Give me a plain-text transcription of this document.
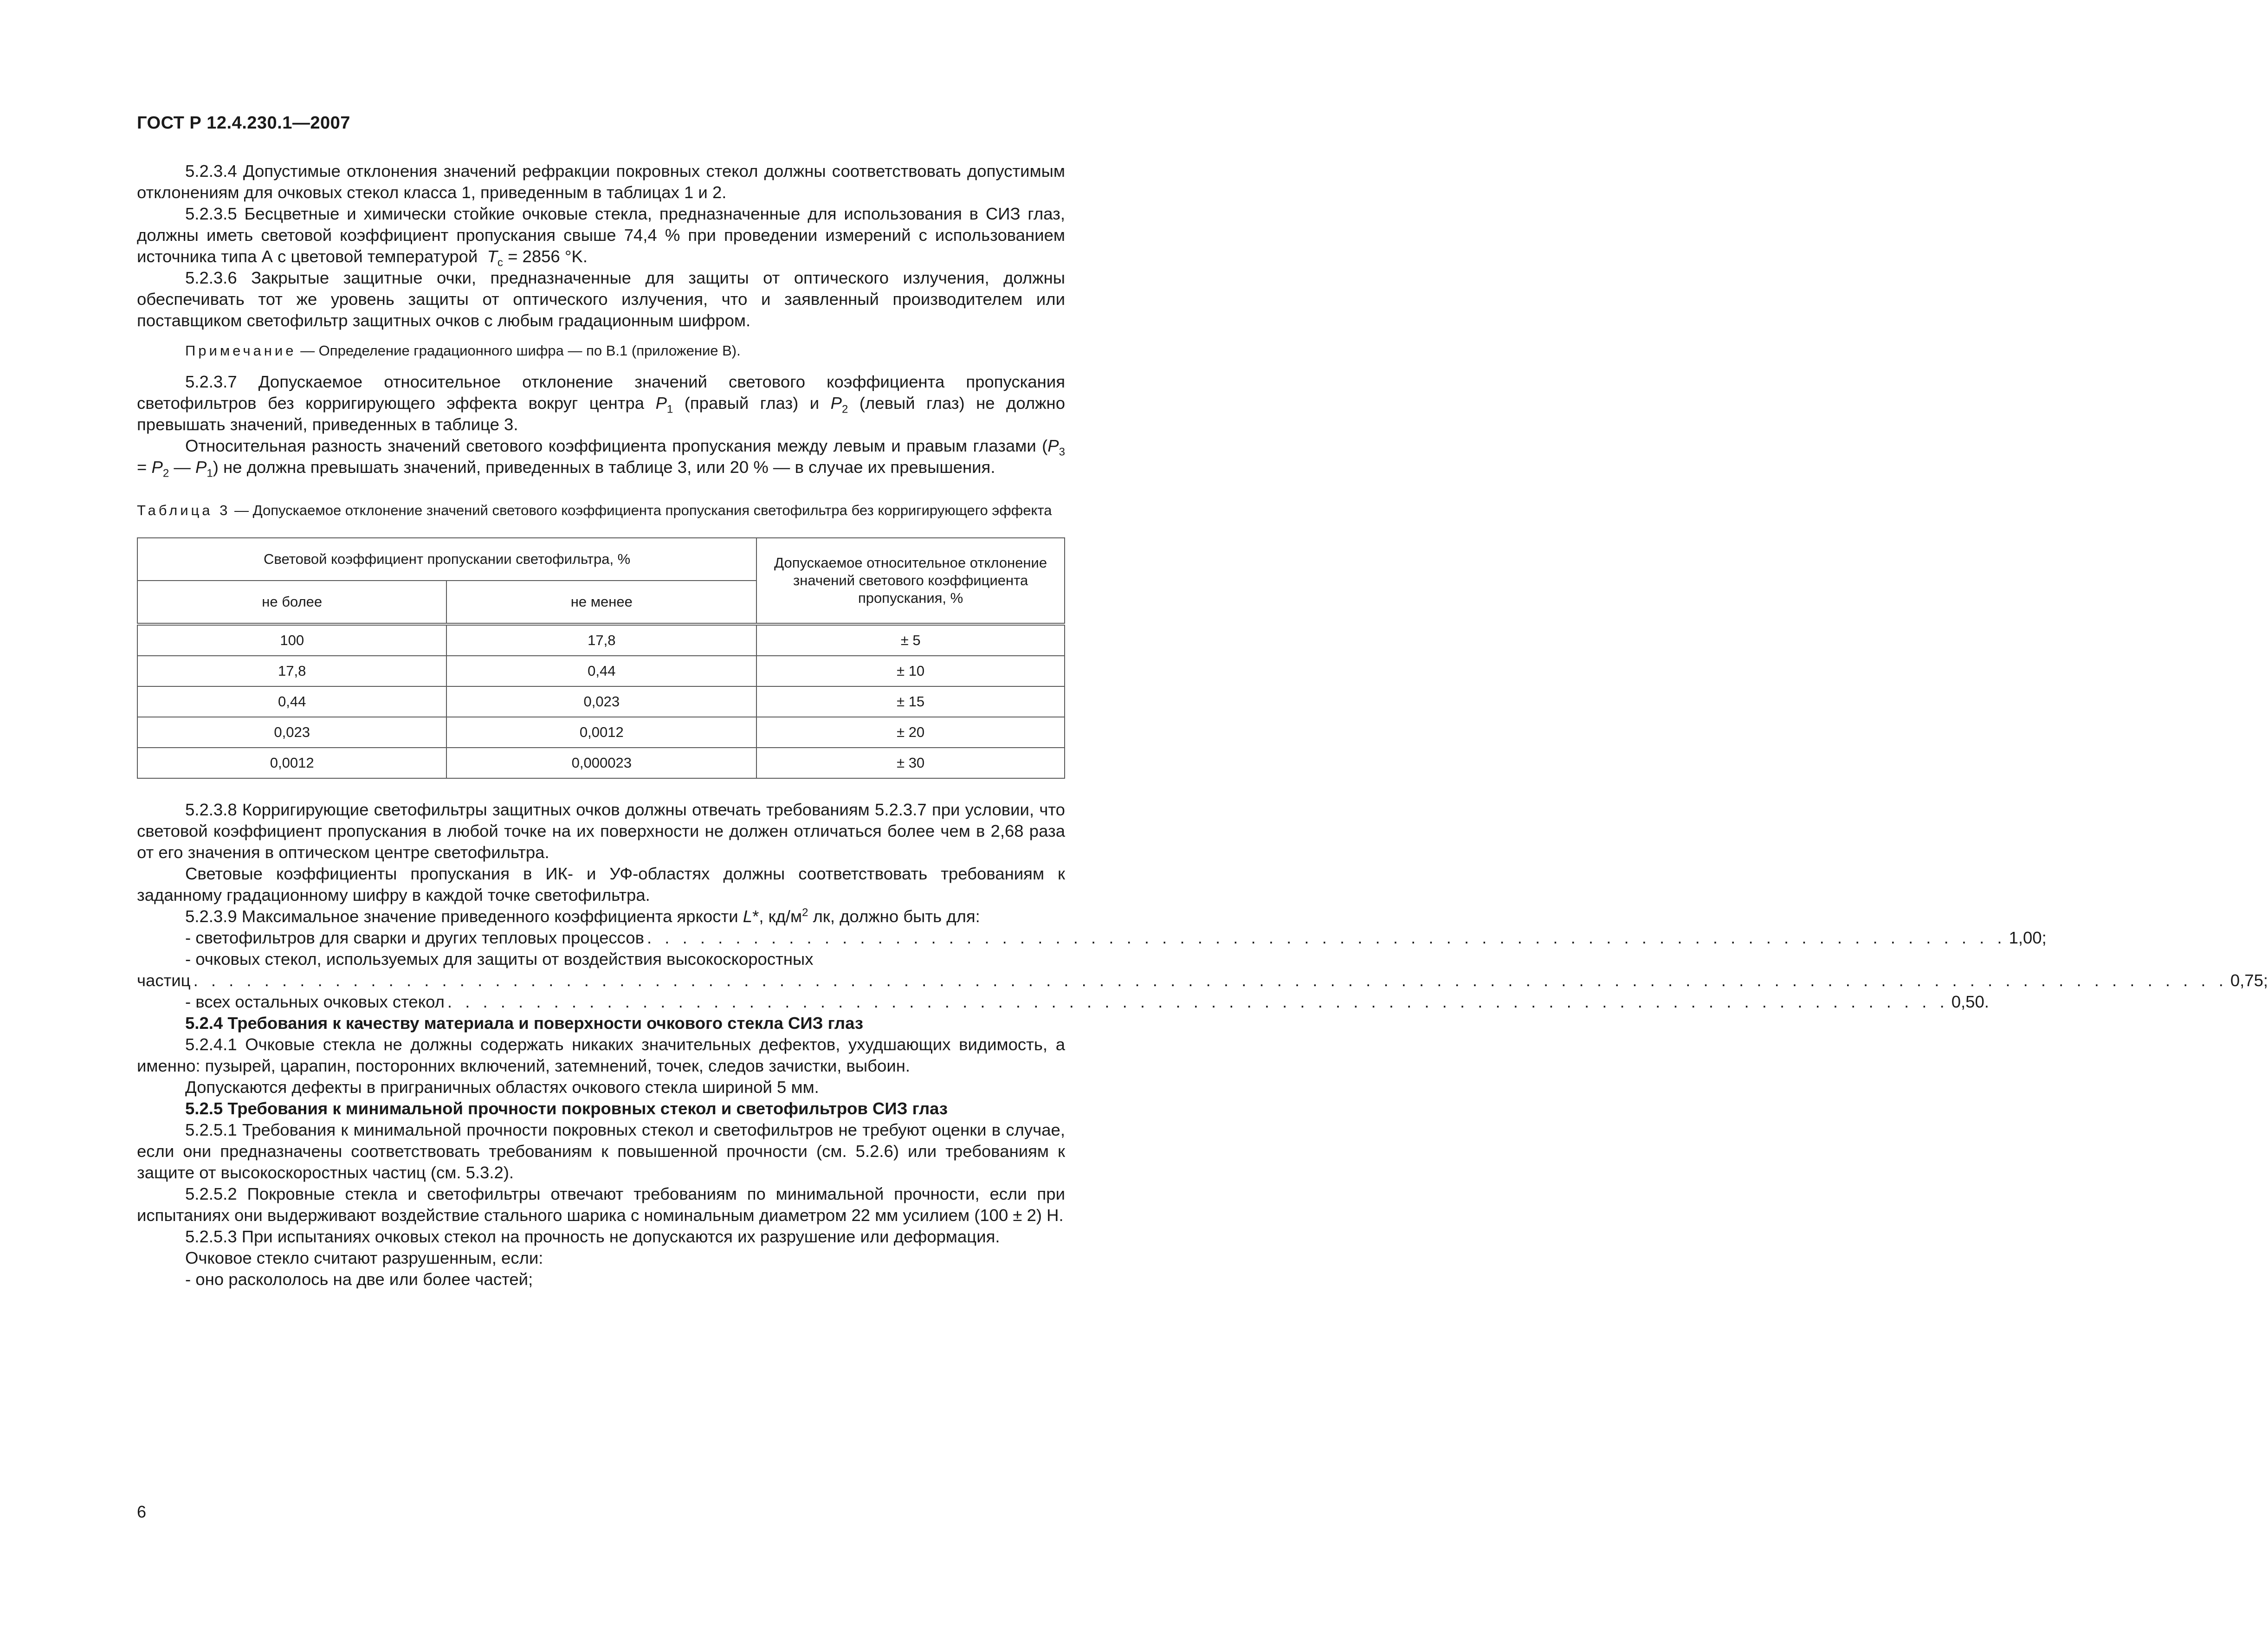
ГОСТ Р 12.4.230.1—2007

5.2.3.4 Допустимые отклонения значений рефракции покровных стекол должны соответствовать допустимым отклонениям для очковых стекол класса 1, приведенным в таблицах 1 и 2.

5.2.3.5 Бесцветные и химически стойкие очковые стекла, предназначенные для использования в СИЗ глаз, должны иметь световой коэффициент пропускания свыше 74,4 % при проведении измерений с использованием источника типа А с цветовой температурой $T_c = 2856$ °K.

5.2.3.6 Закрытые защитные очки, предназначенные для защиты от оптического излучения, должны обеспечивать тот же уровень защиты от оптического излучения, что и заявленный производителем или поставщиком светофильтр защитных очков с любым градационным шифром.

Примечание — Определение градационного шифра — по В.1 (приложение В).

5.2.3.7 Допускаемое относительное отклонение значений светового коэффициента пропускания светофильтров без корригирующего эффекта вокруг центра $P_1$ (правый глаз) и $P_2$ (левый глаз) не должно превышать значений, приведенных в таблице 3.

Относительная разность значений светового коэффициента пропускания между левым и правым глазами ($P_3 = P_2$ — $P_1$) не должна превышать значений, приведенных в таблице 3, или 20 % — в случае их превышения.

Таблица 3 — Допускаемое отклонение значений светового коэффициента пропускания светофильтра без корригирующего эффекта

Световой коэффициент пропускании светофильтра, %		Допускаемое относительное отклонение значений светового коэффициента пропускания, %
не более	не менее	
100	17,8	± 5
17,8	0,44	± 10
0,44	0,023	± 15
0,023	0,0012	± 20
0,0012	0,000023	± 30

5.2.3.8 Корригирующие светофильтры защитных очков должны отвечать требованиям 5.2.3.7 при условии, что световой коэффициент пропускания в любой точке на их поверхности не должен отличаться более чем в 2,68 раза от его значения в оптическом центре светофильтра.

Световые коэффициенты пропускания в ИК- и УФ-областях должны соответствовать требованиям к заданному градационному шифру в каждой точке светофильтра.

5.2.3.9 Максимальное значение приведенного коэффициента яркости L*, $кд/м^2$ лк, должно быть для:

- светофильтров для сварки и других тепловых процессов . . . . . . . . . . . . . . . . . . . . . . . . . . . . . . . . . . . . . . . . . . . . . . . . . . . . . . . . . . . . . . . . . . . . . . . . . . . . . 1,00;

- очковых стекол, используемых для защиты от воздействия высокоскоростных

частиц . . . . . . . . . . . . . . . . . . . . . . . . . . . . . . . . . . . . . . . . . . . . . . . . . . . . . . . . . . . . . . . . . . . . . . . . . . . . . . . . . . . . . . . . . . . . . . . . . . . . . . . . . . . . . . . . . . . 0,75;
- всех остальных очковых стекол . . . . . . . . . . . . . . . . . . . . . . . . . . . . . . . . . . . . . . . . . . . . . . . . . . . . . . . . . . . . . . . . . . . . . . . . . . . . . . . . . . . . . 0,50.

5.2.4 Требования к качеству материала и поверхности очкового стекла СИЗ глаз

5.2.4.1 Очковые стекла не должны содержать никаких значительных дефектов, ухудшающих видимость, а именно: пузырей, царапин, посторонних включений, затемнений, точек, следов зачистки, выбоин.

Допускаются дефекты в приграничных областях очкового стекла шириной 5 мм.

5.2.5 Требования к минимальной прочности покровных стекол и светофильтров СИЗ глаз

5.2.5.1 Требования к минимальной прочности покровных стекол и светофильтров не требуют оценки в случае, если они предназначены соответствовать требованиям к повышенной прочности (см. 5.2.6) или требованиям к защите от высокоскоростных частиц (см. 5.3.2).

5.2.5.2 Покровные стекла и светофильтры отвечают требованиям по минимальной прочности, если при испытаниях они выдерживают воздействие стального шарика с номинальным диаметром 22 мм усилием (100 ± 2) Н.

5.2.5.3 При испытаниях очковых стекол на прочность не допускаются их разрушение или деформация.

Очковое стекло считают разрушенным, если:

- оно раскололось на две или более частей;

6
